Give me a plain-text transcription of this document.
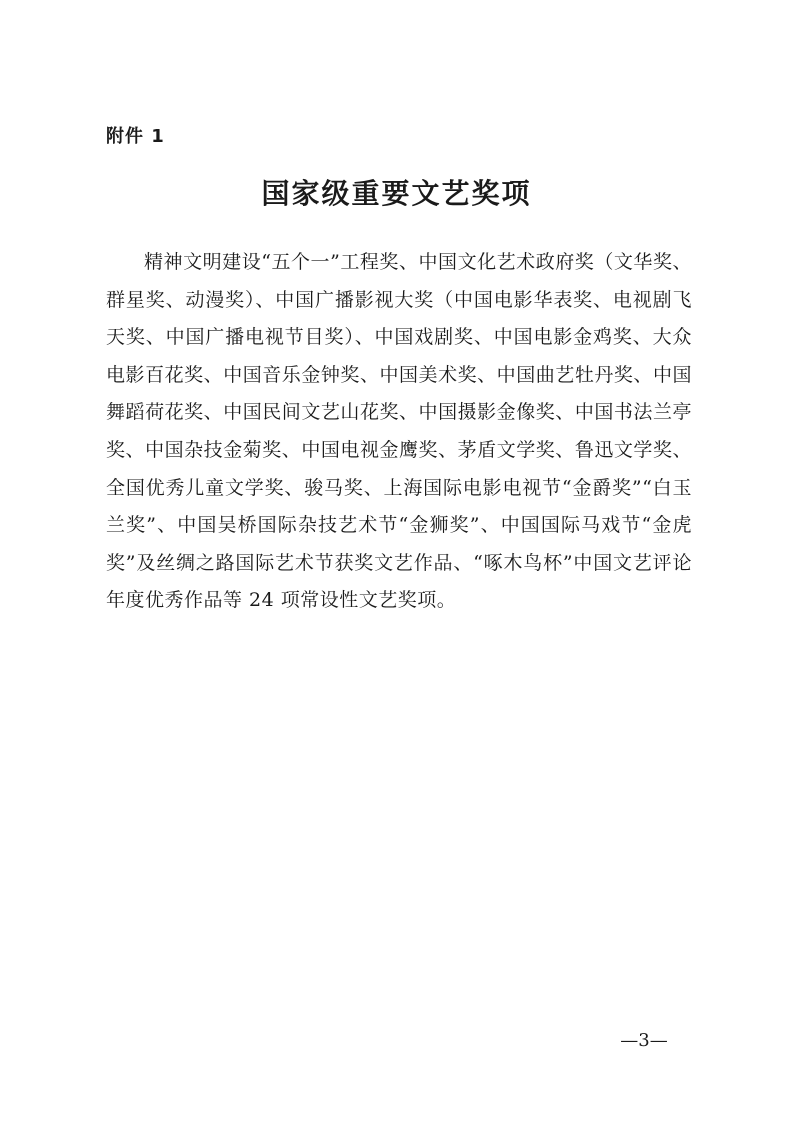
附件 1
国家级重要文艺奖项

精神文明建设“五个一”工程奖、中国文化艺术政府奖（文华奖、群星奖、动漫奖）、中国广播影视大奖（中国电影华表奖、电视剧飞天奖、中国广播电视节目奖）、中国戏剧奖、中国电影金鸡奖、大众电影百花奖、中国音乐金钟奖、中国美术奖、中国曲艺牡丹奖、中国舞蹈荷花奖、中国民间文艺山花奖、中国摄影金像奖、中国书法兰亭奖、中国杂技金菊奖、中国电视金鹰奖、茅盾文学奖、鲁迅文学奖、全国优秀儿童文学奖、骏马奖、上海国际电影电视节“金爵奖”“白玉兰奖”、中国吴桥国际杂技艺术节“金狮奖”、中国国际马戏节“金虎奖”及丝绸之路国际艺术节获奖文艺作品、“啄木鸟杯”中国文艺评论年度优秀作品等 24 项常设性文艺奖项。

—3—
